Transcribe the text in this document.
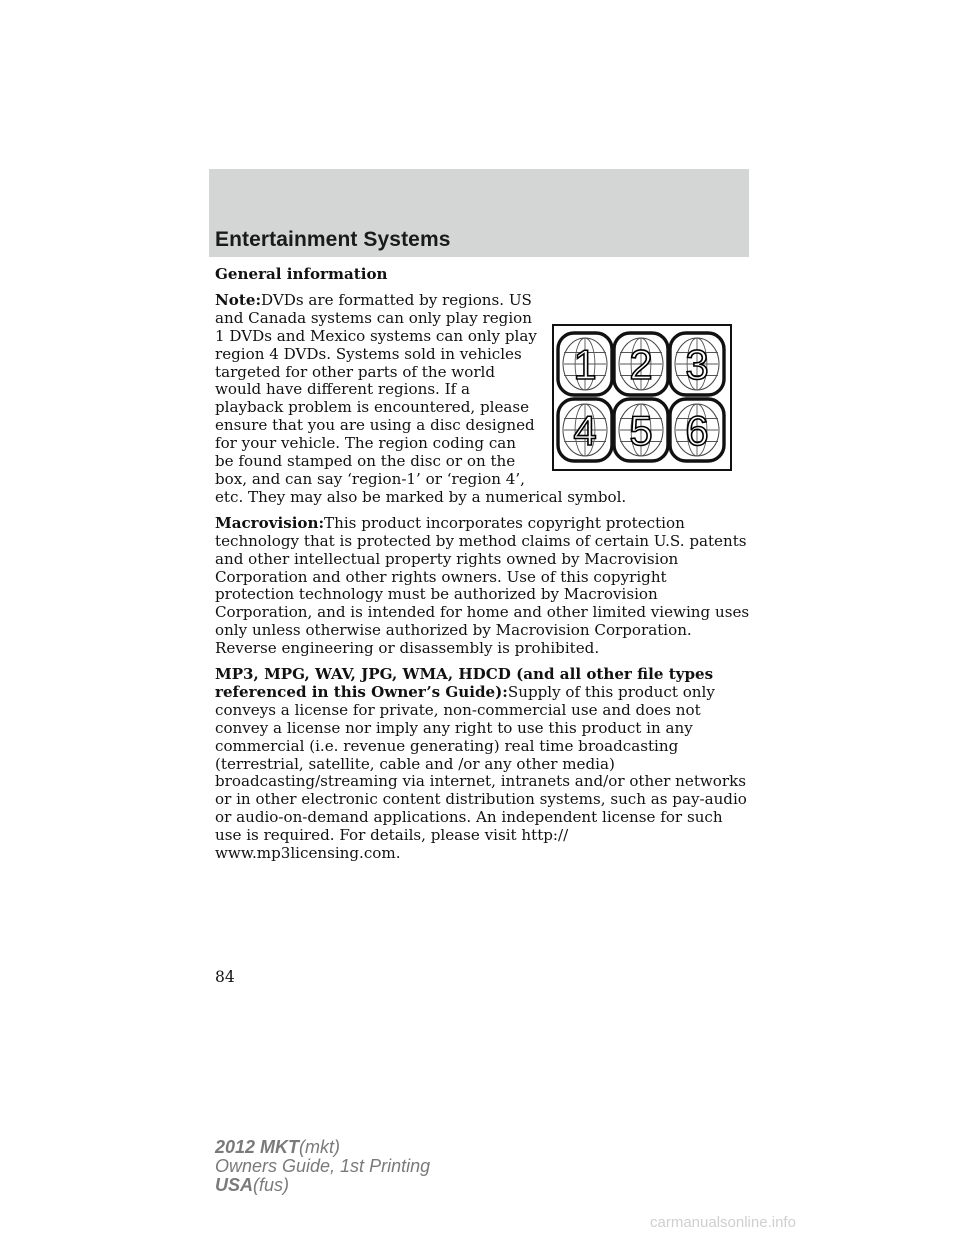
Entertainment Systems

General information

1 2 3
4 5 6

Note:DVDs are formatted by regions. US and Canada systems can only play region 1 DVDs and Mexico systems can only play region 4 DVDs. Systems sold in vehicles targeted for other parts of the world would have different regions. If a playback problem is encountered, please ensure that you are using a disc designed for your vehicle. The region coding can be found stamped on the disc or on the box, and can say ‘region-1’ or ‘region 4’, etc. They may also be marked by a numerical symbol.

Macrovision:This product incorporates copyright protection technology that is protected by method claims of certain U.S. patents and other intellectual property rights owned by Macrovision Corporation and other rights owners. Use of this copyright protection technology must be authorized by Macrovision Corporation, and is intended for home and other limited viewing uses only unless otherwise authorized by Macrovision Corporation. Reverse engineering or disassembly is prohibited.

MP3, MPG, WAV, JPG, WMA, HDCD (and all other file types referenced in this Owner’s Guide):Supply of this product only conveys a license for private, non-commercial use and does not convey a license nor imply any right to use this product in any commercial (i.e. revenue generating) real time broadcasting (terrestrial, satellite, cable and /or any other media) broadcasting/streaming via internet, intranets and/or other networks or in other electronic content distribution systems, such as pay-audio or audio-on-demand applications. An independent license for such use is required. For details, please visit http:// www.mp3licensing.com.

84

2012 MKT(mkt)
Owners Guide, 1st Printing
USA(fus)

carmanualsonline.info
